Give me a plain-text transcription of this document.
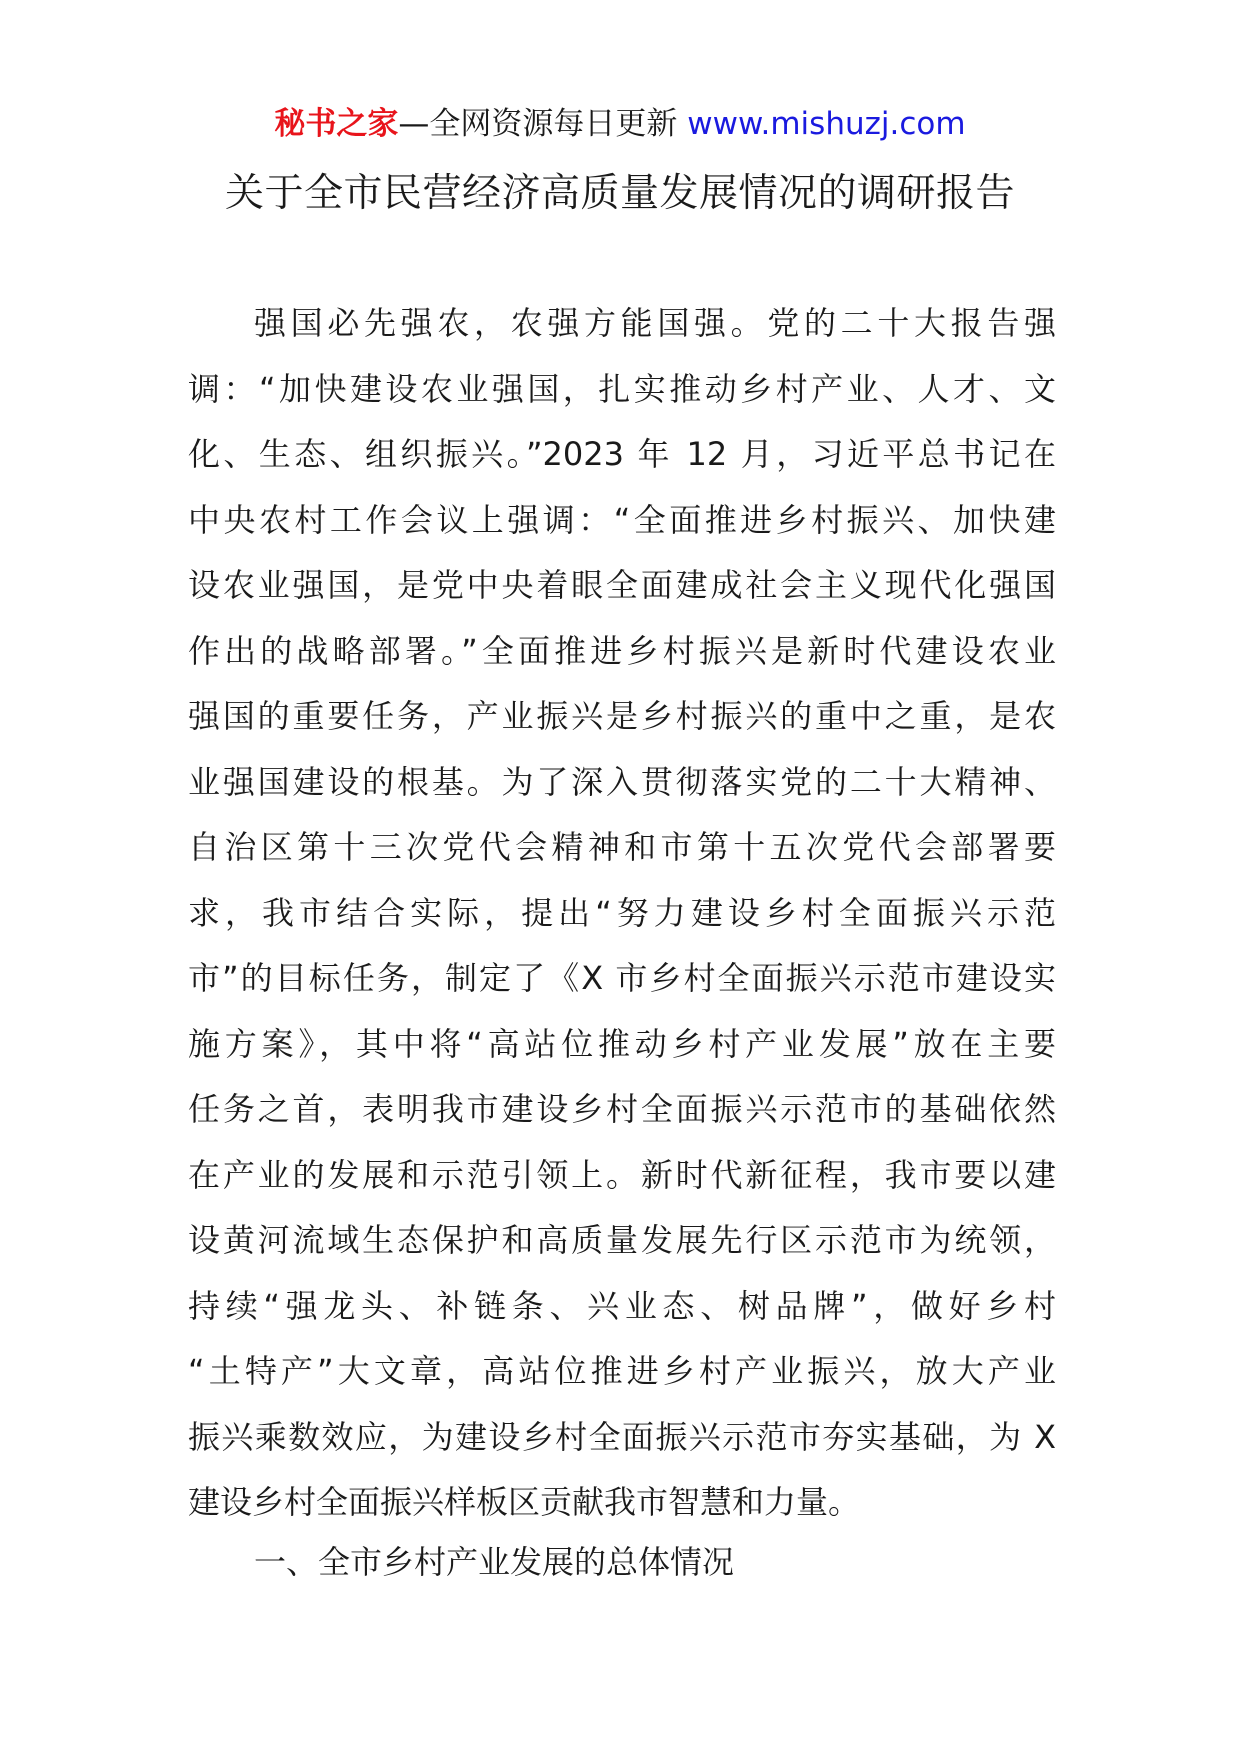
秘书之家—全网资源每日更新 www.mishuzj.com
关于全市民营经济高质量发展情况的调研报告
强国必先强农，农强方能国强。党的二十大报告强
调：“加快建设农业强国，扎实推动乡村产业、人才、文
化、生态、组织振兴。”2023 年 12 月，习近平总书记在
中央农村工作会议上强调：“全面推进乡村振兴、加快建
设农业强国，是党中央着眼全面建成社会主义现代化强国
作出的战略部署。”全面推进乡村振兴是新时代建设农业
强国的重要任务，产业振兴是乡村振兴的重中之重，是农
业强国建设的根基。为了深入贯彻落实党的二十大精神、
自治区第十三次党代会精神和市第十五次党代会部署要
求，我市结合实际，提出“努力建设乡村全面振兴示范
市”的目标任务，制定了《X 市乡村全面振兴示范市建设实
施方案》，其中将“高站位推动乡村产业发展”放在主要
任务之首，表明我市建设乡村全面振兴示范市的基础依然
在产业的发展和示范引领上。新时代新征程，我市要以建
设黄河流域生态保护和高质量发展先行区示范市为统领，
持续“强龙头、补链条、兴业态、树品牌”，做好乡村
“土特产”大文章，高站位推进乡村产业振兴，放大产业
振兴乘数效应，为建设乡村全面振兴示范市夯实基础，为 X
建设乡村全面振兴样板区贡献我市智慧和力量。
一、全市乡村产业发展的总体情况
